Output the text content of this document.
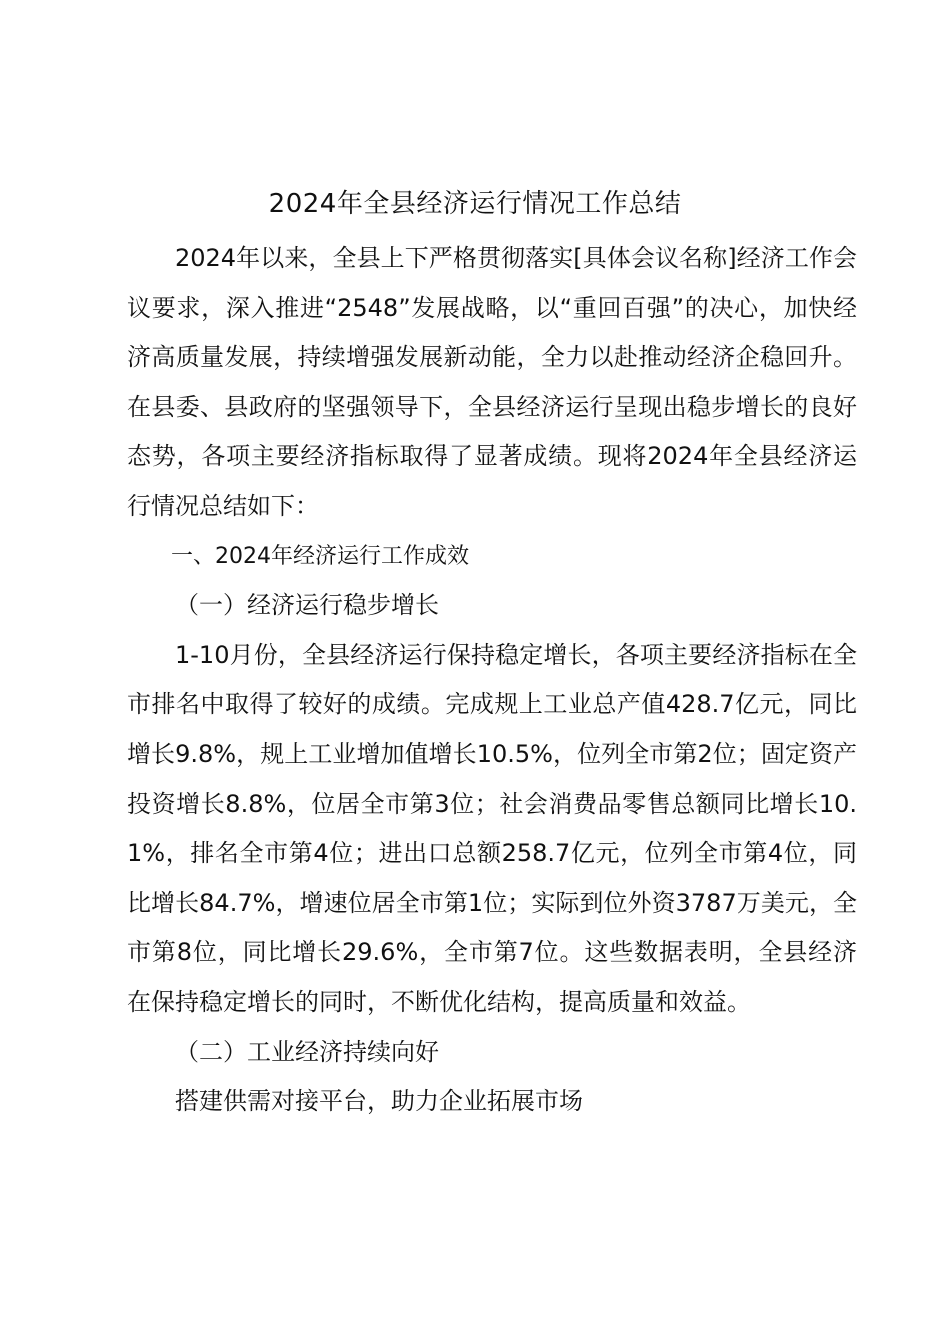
2024年全县经济运行情况工作总结

2024年以来，全县上下严格贯彻落实[具体会议名称]经济工作会议要求，深入推进“2548”发展战略，以“重回百强”的决心，加快经济高质量发展，持续增强发展新动能，全力以赴推动经济企稳回升。在县委、县政府的坚强领导下，全县经济运行呈现出稳步增长的良好态势，各项主要经济指标取得了显著成绩。现将2024年全县经济运行情况总结如下：

一、2024年经济运行工作成效

（一）经济运行稳步增长

1-10月份，全县经济运行保持稳定增长，各项主要经济指标在全市排名中取得了较好的成绩。完成规上工业总产值428.7亿元，同比增长9.8%，规上工业增加值增长10.5%，位列全市第2位；固定资产投资增长8.8%，位居全市第3位；社会消费品零售总额同比增长10.1%，排名全市第4位；进出口总额258.7亿元，位列全市第4位，同比增长84.7%，增速位居全市第1位；实际到位外资3787万美元，全市第8位，同比增长29.6%，全市第7位。这些数据表明，全县经济在保持稳定增长的同时，不断优化结构，提高质量和效益。

（二）工业经济持续向好

搭建供需对接平台，助力企业拓展市场
